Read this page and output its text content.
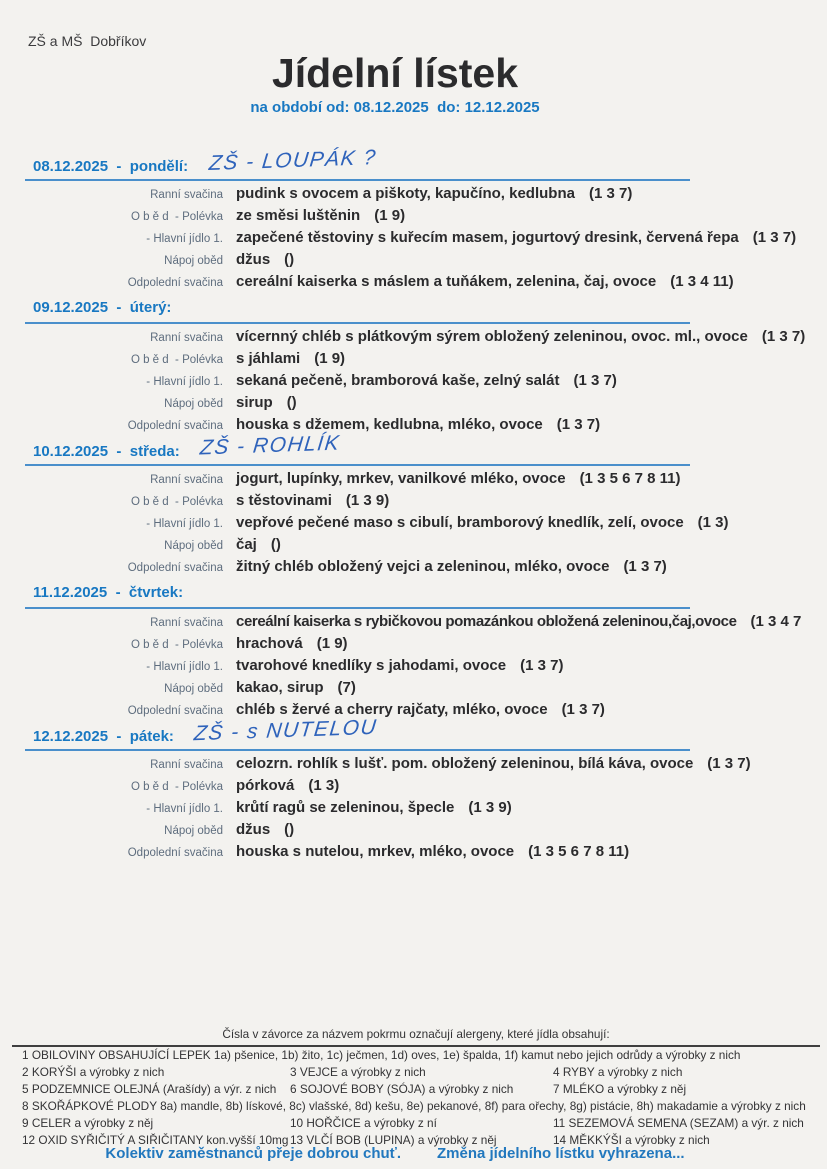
ZŠ a MŠ  Dobříkov
Jídelní lístek
na období od: 08.12.2025  do: 12.12.2025
08.12.2025  -  pondělí: ZŠ - LOUPÁK ?
Ranní svačina pudink s ovocem a piškoty, kapučíno, kedlubna (1 3 7)
O b ě d  - Polévka ze směsi luštěnin (1 9)
- Hlavní jídlo 1. zapečené těstoviny s kuřecím masem, jogurtový dresink, červená řepa (1 3 7)
Nápoj oběd džus ()
Odpolední svačina cereální kaiserka s máslem a tuňákem, zelenina, čaj, ovoce (1 3 4 11)
09.12.2025  -  úterý:
Ranní svačina vícernný chléb s plátkovým sýrem obložený zeleninou, ovoc. ml., ovoce (1 3 7)
O b ě d  - Polévka s jáhlami (1 9)
- Hlavní jídlo 1. sekaná pečeně, bramborová kaše, zelný salát (1 3 7)
Nápoj oběd sirup ()
Odpolední svačina houska s džemem, kedlubna, mléko, ovoce (1 3 7)
10.12.2025  -  středa: ZŠ - ROHLÍK
Ranní svačina jogurt, lupínky, mrkev, vanilkové mléko, ovoce (1 3 5 6 7 8 11)
O b ě d  - Polévka s těstovinami (1 3 9)
- Hlavní jídlo 1. vepřové pečené maso s cibulí, bramborový knedlík, zelí, ovoce (1 3)
Nápoj oběd čaj ()
Odpolední svačina žitný chléb obložený vejci a zeleninou, mléko, ovoce (1 3 7)
11.12.2025  -  čtvrtek:
Ranní svačina cereální kaiserka s rybičkovou pomazánkou obložená zeleninou,čaj,ovoce (1 3 4 7
O b ě d  - Polévka hrachová (1 9)
- Hlavní jídlo 1. tvarohové knedlíky s jahodami, ovoce (1 3 7)
Nápoj oběd kakao, sirup (7)
Odpolední svačina chléb s žervé a cherry rajčaty, mléko, ovoce (1 3 7)
12.12.2025  -  pátek: ZŠ - s NUTELOU
Ranní svačina celozrn. rohlík s lušť. pom. obložený zeleninou, bílá káva, ovoce (1 3 7)
O b ě d  - Polévka pórková (1 3)
- Hlavní jídlo 1. krůtí ragů se zeleninou, špecle (1 3 9)
Nápoj oběd džus ()
Odpolední svačina houska s nutelou, mrkev, mléko, ovoce (1 3 5 6 7 8 11)
Čísla v závorce za názvem pokrmu označují alergeny, které jídla obsahují:
1 OBILOVINY OBSAHUJÍCÍ LEPEK 1a) pšenice, 1b) žito, 1c) ječmen, 1d) oves, 1e) špalda, 1f) kamut nebo jejich odrůdy a výrobky z nich
2 KORÝŠI a výrobky z nich	3 VEJCE a výrobky z nich	4 RYBY a výrobky z nich
5 PODZEMNICE OLEJNÁ (Arašídy) a výr. z nich	6 SOJOVÉ BOBY (SÓJA) a výrobky z nich	7 MLÉKO a výrobky z něj
8 SKOŘÁPKOVÉ PLODY 8a) mandle, 8b) lískové, 8c) vlašské, 8d) kešu, 8e) pekanové, 8f) para ořechy, 8g) pistácie, 8h) makadamie a výrobky z nich
9 CELER a výrobky z něj	10 HOŘČICE a výrobky z ní	11 SEZEMOVÁ SEMENA (SEZAM) a výr. z nich
12 OXID SYŘIČITÝ A SIŘIČITANY kon.vyšší 10mg 13 VLČÍ BOB (LUPINA) a výrobky z něj	14 MĚKKÝŠI a výrobky z nich
Kolektiv zaměstnanců přeje dobrou chuť. Změna jídelního lístku vyhrazena...
